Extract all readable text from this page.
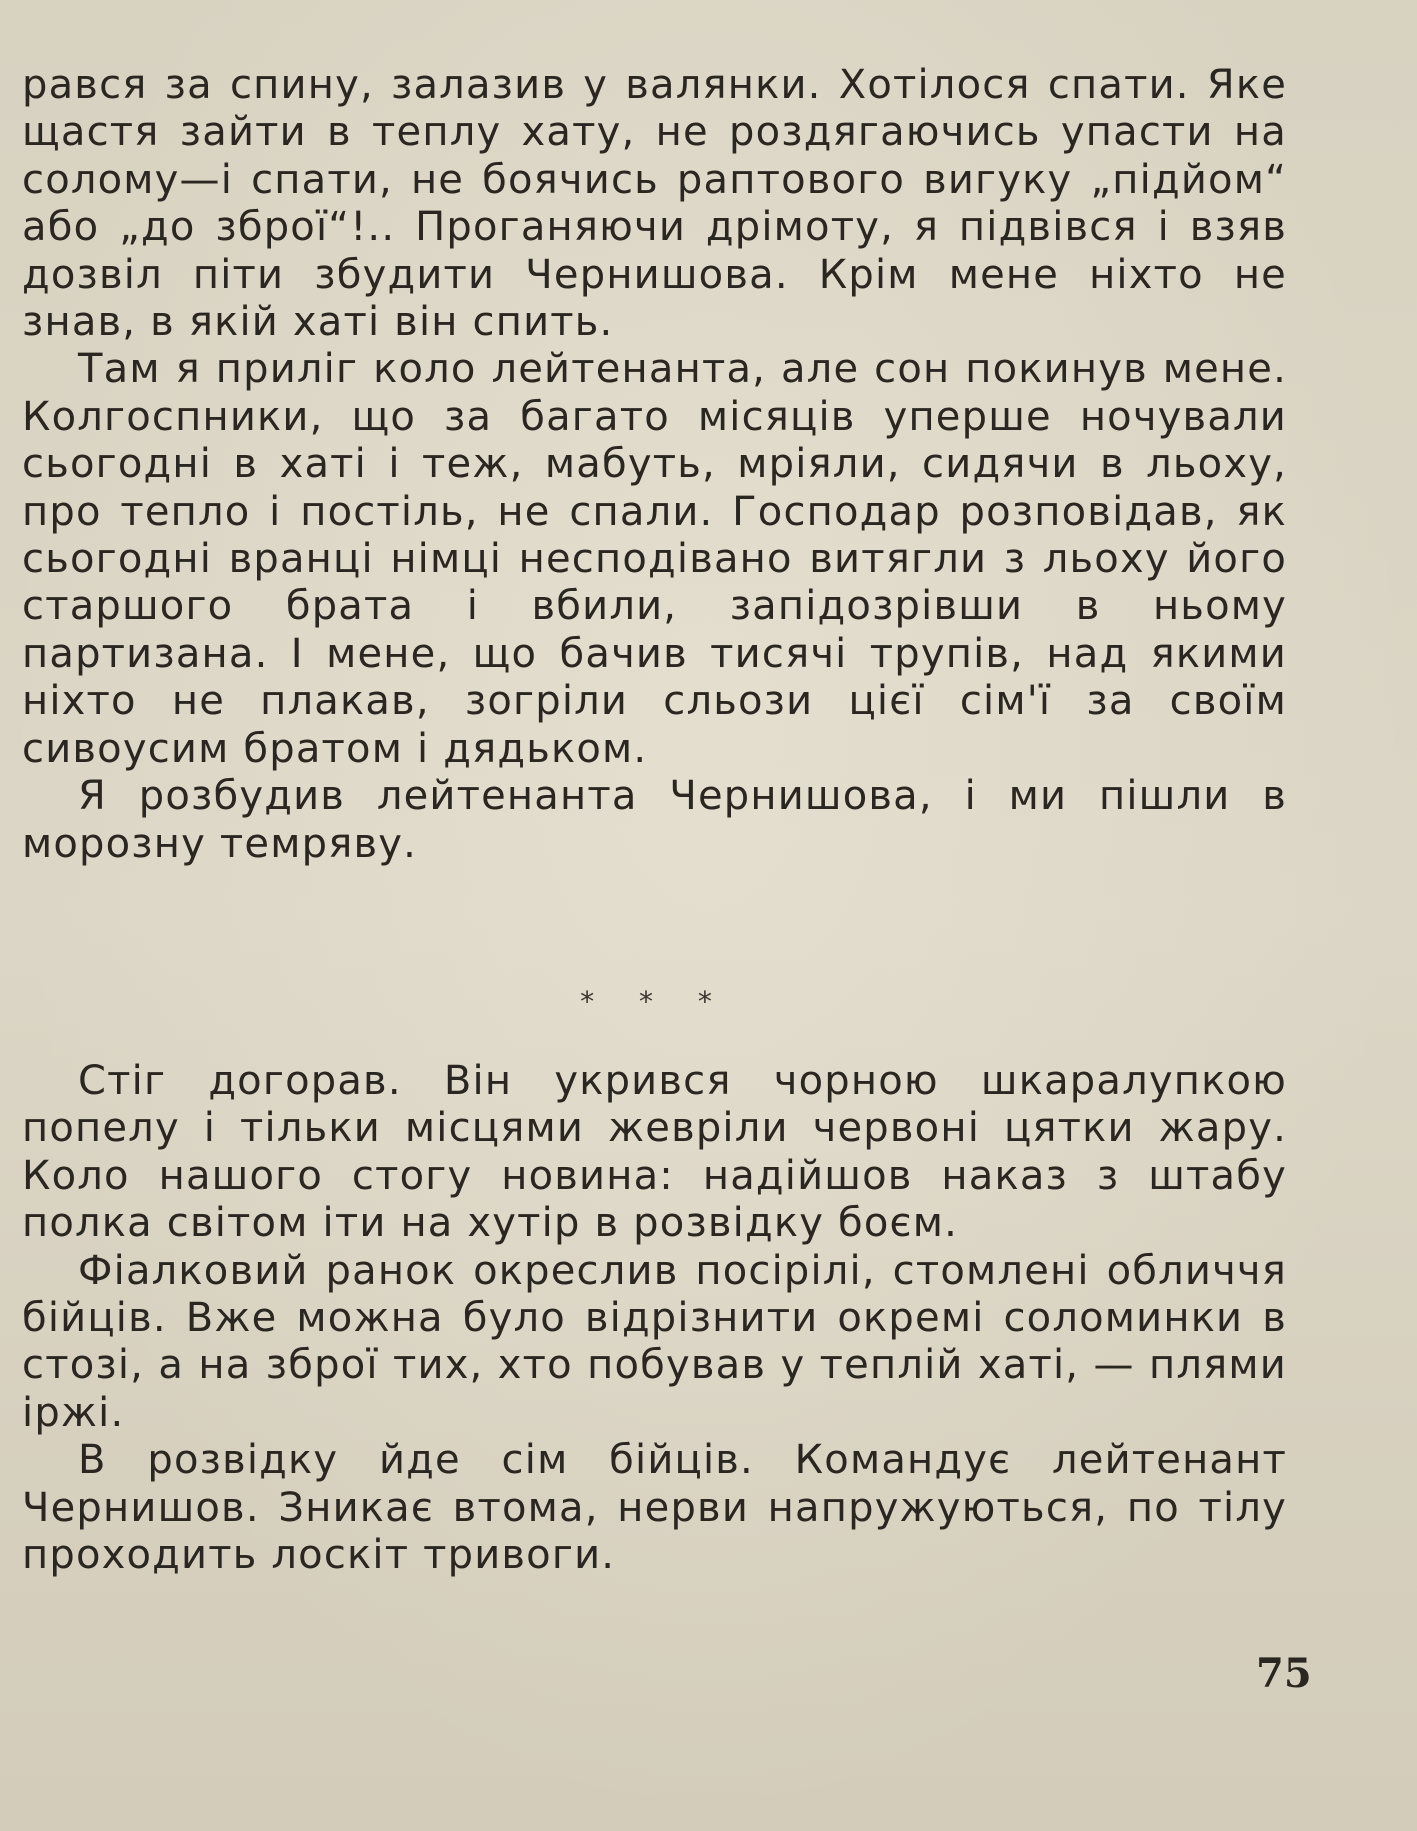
рався за спину, залазив у валянки. Хотілося спати. Яке щастя зайти в теплу хату, не роздягаючись упасти на солому—і спати, не боячись раптового вигуку „підйом“ або „до зброї“!.. Проганяючи дрімоту, я підвівся і взяв дозвіл піти збудити Чернишова. Крім мене ніхто не знав, в якій хаті він спить.

Там я приліг коло лейтенанта, але сон покинув мене. Колгоспники, що за багато місяців уперше ночували сьогодні в хаті і теж, мабуть, мріяли, сидячи в льоху, про тепло і постіль, не спали. Господар розповідав, як сьогодні вранці німці несподівано витягли з льоху його старшого брата і вбили, запідозрівши в ньому партизана. І мене, що бачив тисячі трупів, над якими ніхто не плакав, зогріли сльози цієї сім'ї за своїм сивоусим братом і дядьком.

Я розбудив лейтенанта Чернишова, і ми пішли в морозну темряву.

* * *

Стіг догорав. Він укрився чорною шкаралупкою попелу і тільки місцями жевріли червоні цятки жару. Коло нашого стогу новина: надійшов наказ з штабу полка світом іти на хутір в розвідку боєм.

Фіалковий ранок окреслив посірілі, стомлені обличчя бійців. Вже можна було відрізнити окремі соломинки в стозі, а на зброї тих, хто побував у теплій хаті, — плями іржі.

В розвідку йде сім бійців. Командує лейтенант Чернишов. Зникає втома, нерви напружуються, по тілу проходить лоскіт тривоги.

75
